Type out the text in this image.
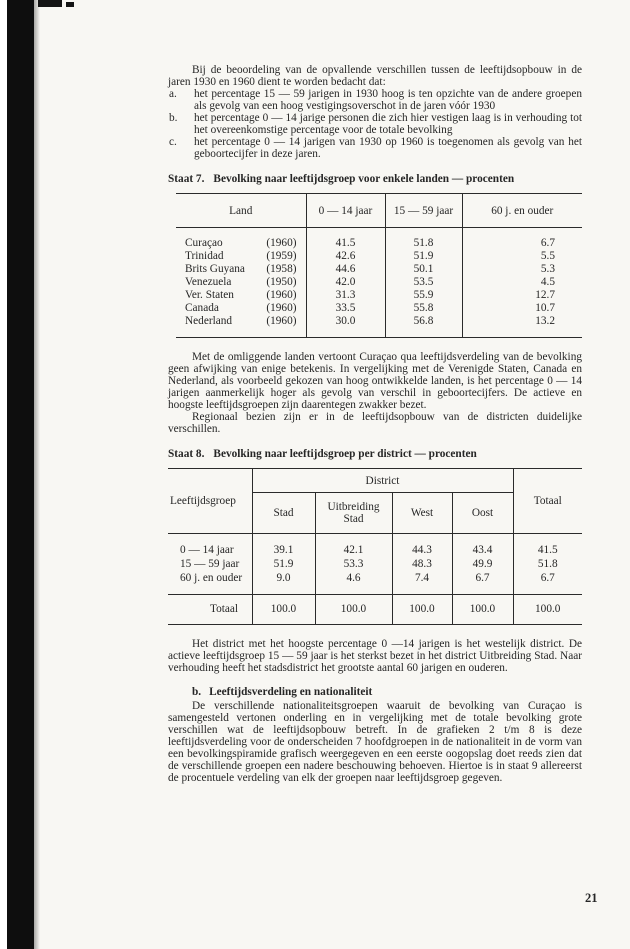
Bij de beoordeling van de opvallende verschillen tussen de leeftijdsopbouw in de jaren 1930 en 1960 dient te worden bedacht dat:

a. het percentage 15 — 59 jarigen in 1930 hoog is ten opzichte van de andere groepen als gevolg van een hoog vestigingsoverschot in de jaren vóór 1930
b. het percentage 0 — 14 jarige personen die zich hier vestigen laag is in verhouding tot het overeenkomstige percentage voor de totale bevolking
c. het percentage 0 — 14 jarigen van 1930 op 1960 is toegenomen als gevolg van het geboortecijfer in deze jaren.

Staat 7. Bevolking naar leeftijdsgroep voor enkele landen — procenten

Land	0 — 14 jaar	15 — 59 jaar	60 j. en ouder

Curaçao (1960)	41.5	51.8	6.7

Trinidad (1959)	42.6	51.9	5.5

Brits Guyana (1958)	44.6	50.1	5.3

Venezuela (1950)	42.0	53.5	4.5

Ver. Staten (1960)	31.3	55.9	12.7

Canada (1960)	33.5	55.8	10.7

Nederland (1960)	30.0	56.8	13.2

Met de omliggende landen vertoont Curaçao qua leeftijdsverdeling van de bevolking geen afwijking van enige betekenis. In vergelijking met de Verenigde Staten, Canada en Nederland, als voorbeeld gekozen van hoog ontwikkelde landen, is het percentage 0 — 14 jarigen aanmerkelijk hoger als gevolg van verschil in geboortecijfers. De actieve en hoogste leeftijdsgroepen zijn daarentegen zwakker bezet.

Regionaal bezien zijn er in de leeftijdsopbouw van de districten duidelijke verschillen.

Staat 8. Bevolking naar leeftijdsgroep per district — procenten

Leeftijdsgroep	District				Totaal
	Stad	Uitbreiding Stad	West	Oost	
0 — 14 jaar	39.1	42.1	44.3	43.4	41.5
15 — 59 jaar	51.9	53.3	48.3	49.9	51.8
60 j. en ouder	9.0	4.6	7.4	6.7	6.7
Totaal	100.0	100.0	100.0	100.0	100.0

Het district met het hoogste percentage 0 —14 jarigen is het westelijk district. De actieve leeftijdsgroep 15 — 59 jaar is het sterkst bezet in het district Uitbreiding Stad. Naar verhouding heeft het stadsdistrict het grootste aantal 60 jarigen en ouderen.

b. Leeftijdsverdeling en nationaliteit

De verschillende nationaliteitsgroepen waaruit de bevolking van Curaçao is samengesteld vertonen onderling en in vergelijking met de totale bevolking grote verschillen wat de leeftijdsopbouw betreft. In de grafieken 2 t/m 8 is deze leeftijdsverdeling voor de onderscheiden 7 hoofdgroepen in de nationaliteit in de vorm van een bevolkingspiramide grafisch weergegeven en een eerste oogopslag doet reeds zien dat de verschillende groepen een nadere beschouwing behoeven. Hiertoe is in staat 9 allereerst de procentuele verdeling van elk der groepen naar leeftijdsgroep gegeven.

21
